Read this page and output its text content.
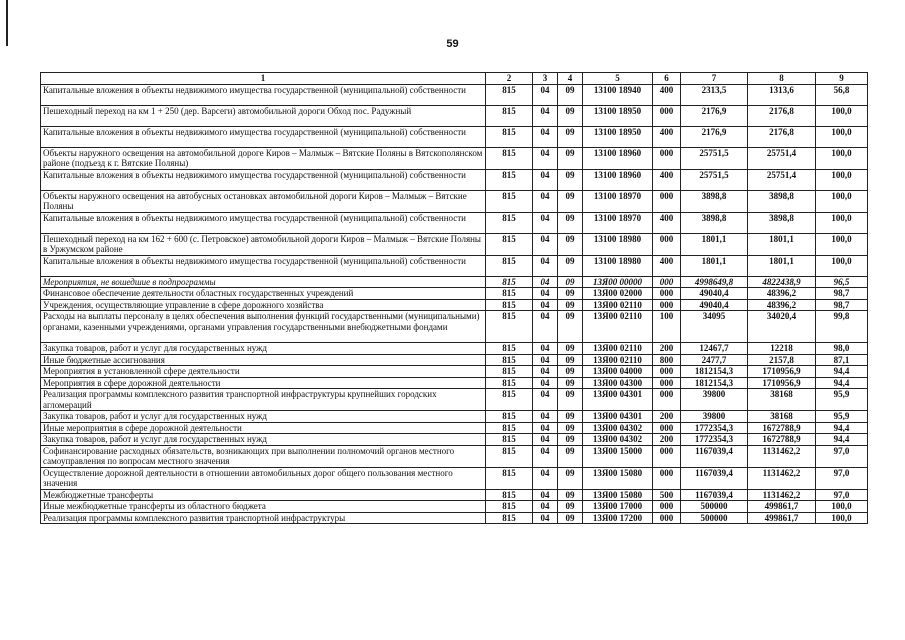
59
1	2	3	4	5	6	7	8	9
Капитальные вложения в объекты недвижимого имущества государственной (муниципальной) собственности	815	04	09	13100 18940	400	2313,5	1313,6	56,8
Пешеходный переход на км 1 + 250 (дер. Варсеги) автомобильной дороги Обход пос. Радужный	815	04	09	13100 18950	000	2176,9	2176,8	100,0
Капитальные вложения в объекты недвижимого имущества государственной (муниципальной) собственности	815	04	09	13100 18950	400	2176,9	2176,8	100,0
Объекты наружного освещения на автомобильной дороге Киров – Малмыж – Вятские Поляны в Вятскополянском районе (подъезд к г. Вятские Поляны)	815	04	09	13100 18960	000	25751,5	25751,4	100,0
Капитальные вложения в объекты недвижимого имущества государственной (муниципальной) собственности	815	04	09	13100 18960	400	25751,5	25751,4	100,0
Объекты наружного освещения на автобусных остановках автомобильной дороги Киров – Малмыж – Вятские Поляны	815	04	09	13100 18970	000	3898,8	3898,8	100,0
Капитальные вложения в объекты недвижимого имущества государственной (муниципальной) собственности	815	04	09	13100 18970	400	3898,8	3898,8	100,0
Пешеходный переход на км 162 + 600 (с. Петровское) автомобильной дороги Киров – Малмыж – Вятские Поляны в Уржумском районе	815	04	09	13100 18980	000	1801,1	1801,1	100,0
Капитальные вложения в объекты недвижимого имущества государственной (муниципальной) собственности	815	04	09	13100 18980	400	1801,1	1801,1	100,0
Мероприятия, не вошедшие в подпрограммы	815	04	09	13Я00 00000	000	4998649,8	4822438,9	96,5
Финансовое обеспечение деятельности областных государственных учреждений	815	04	09	13Я00 02000	000	49040,4	48396,2	98,7
Учреждения, осуществляющие управление в сфере дорожного хозяйства	815	04	09	13Я00 02110	000	49040,4	48396,2	98,7
Расходы на выплаты персоналу в целях обеспечения выполнения функций государственными (муниципальными) органами, казенными учреждениями, органами управления государственными внебюджетными фондами	815	04	09	13Я00 02110	100	34095	34020,4	99,8
Закупка товаров, работ и услуг для государственных нужд	815	04	09	13Я00 02110	200	12467,7	12218	98,0
Иные бюджетные ассигнования	815	04	09	13Я00 02110	800	2477,7	2157,8	87,1
Мероприятия в установленной сфере деятельности	815	04	09	13Я00 04000	000	1812154,3	1710956,9	94,4
Мероприятия в сфере дорожной деятельности	815	04	09	13Я00 04300	000	1812154,3	1710956,9	94,4
Реализация программы комплексного развития транспортной инфраструктуры крупнейших городских агломераций	815	04	09	13Я00 04301	000	39800	38168	95,9
Закупка товаров, работ и услуг для государственных нужд	815	04	09	13Я00 04301	200	39800	38168	95,9
Иные мероприятия в сфере дорожной деятельности	815	04	09	13Я00 04302	000	1772354,3	1672788,9	94,4
Закупка товаров, работ и услуг для государственных нужд	815	04	09	13Я00 04302	200	1772354,3	1672788,9	94,4
Софинансирование расходных обязательств, возникающих при выполнении полномочий органов местного самоуправления по вопросам местного значения	815	04	09	13Я00 15000	000	1167039,4	1131462,2	97,0
Осуществление дорожной деятельности в отношении автомобильных дорог общего пользования местного значения	815	04	09	13Я00 15080	000	1167039,4	1131462,2	97,0
Межбюджетные трансферты	815	04	09	13Я00 15080	500	1167039,4	1131462,2	97,0
Иные межбюджетные трансферты из областного бюджета	815	04	09	13Я00 17000	000	500000	499861,7	100,0
Реализация программы комплексного развития транспортной инфраструктуры	815	04	09	13Я00 17200	000	500000	499861,7	100,0
